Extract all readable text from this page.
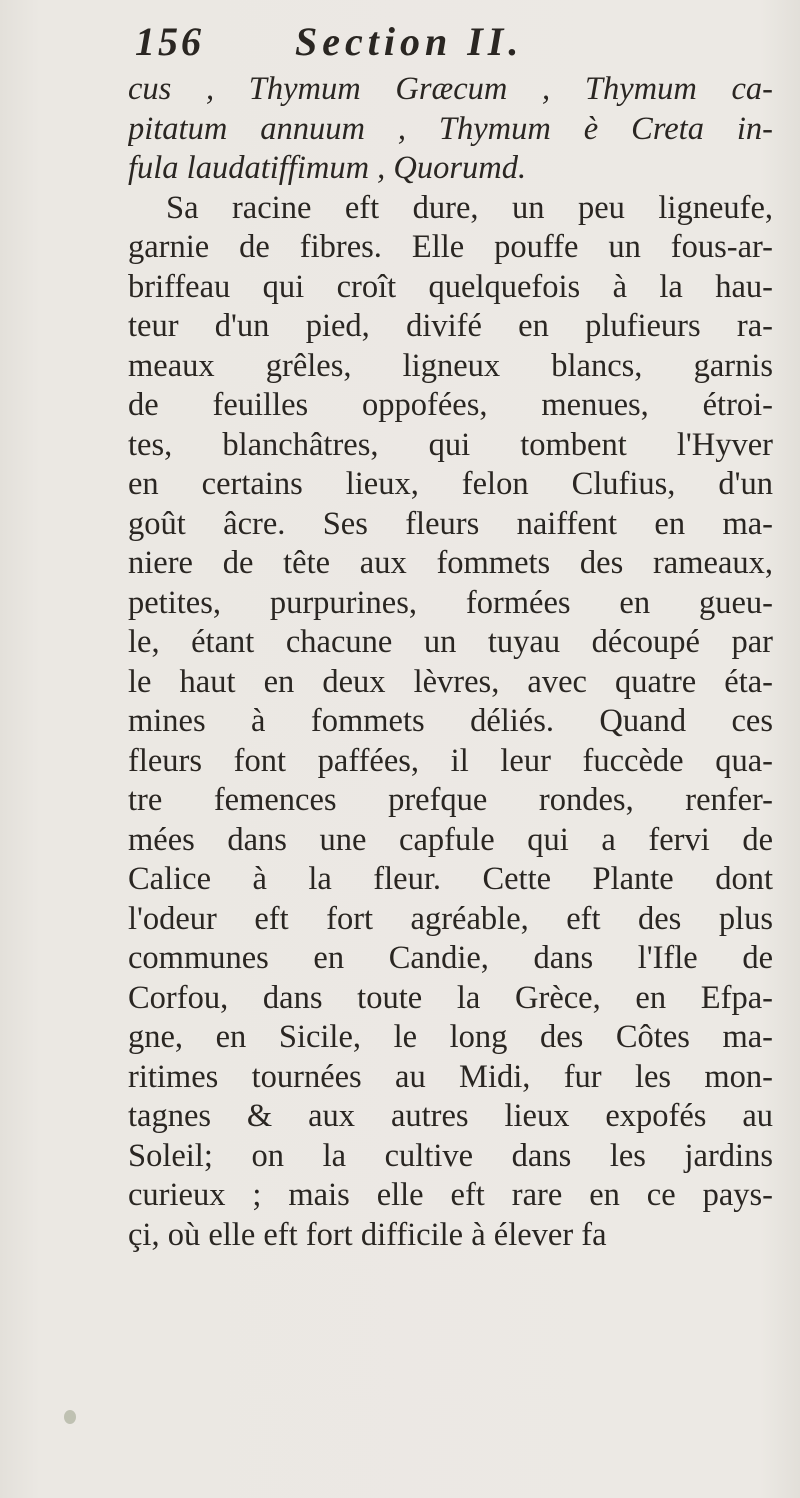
156 Section II.
cus , Thymum Græcum , Thymum ca-
pitatum annuum , Thymum è Creta in-
fula laudatiffimum , Quorumd.
Sa racine eft dure, un peu ligneufe,
garnie de fibres. Elle pouffe un fous-ar-
briffeau qui croît quelquefois à la hau-
teur d'un pied, divifé en plufieurs ra-
meaux grêles, ligneux blancs, garnis
de feuilles oppofées, menues, étroi-
tes, blanchâtres, qui tombent l'Hyver
en certains lieux, felon Clufius, d'un
goût âcre. Ses fleurs naiffent en ma-
niere de tête aux fommets des rameaux,
petites, purpurines, formées en gueu-
le, étant chacune un tuyau découpé par
le haut en deux lèvres, avec quatre éta-
mines à fommets déliés. Quand ces
fleurs font paffées, il leur fuccède qua-
tre femences prefque rondes, renfer-
mées dans une capfule qui a fervi de
Calice à la fleur. Cette Plante dont
l'odeur eft fort agréable, eft des plus
communes en Candie, dans l'Ifle de
Corfou, dans toute la Grèce, en Efpa-
gne, en Sicile, le long des Côtes ma-
ritimes tournées au Midi, fur les mon-
tagnes & aux autres lieux expofés au
Soleil; on la cultive dans les jardins
curieux ; mais elle eft rare en ce pays-
çi, où elle eft fort difficile à élever fa
